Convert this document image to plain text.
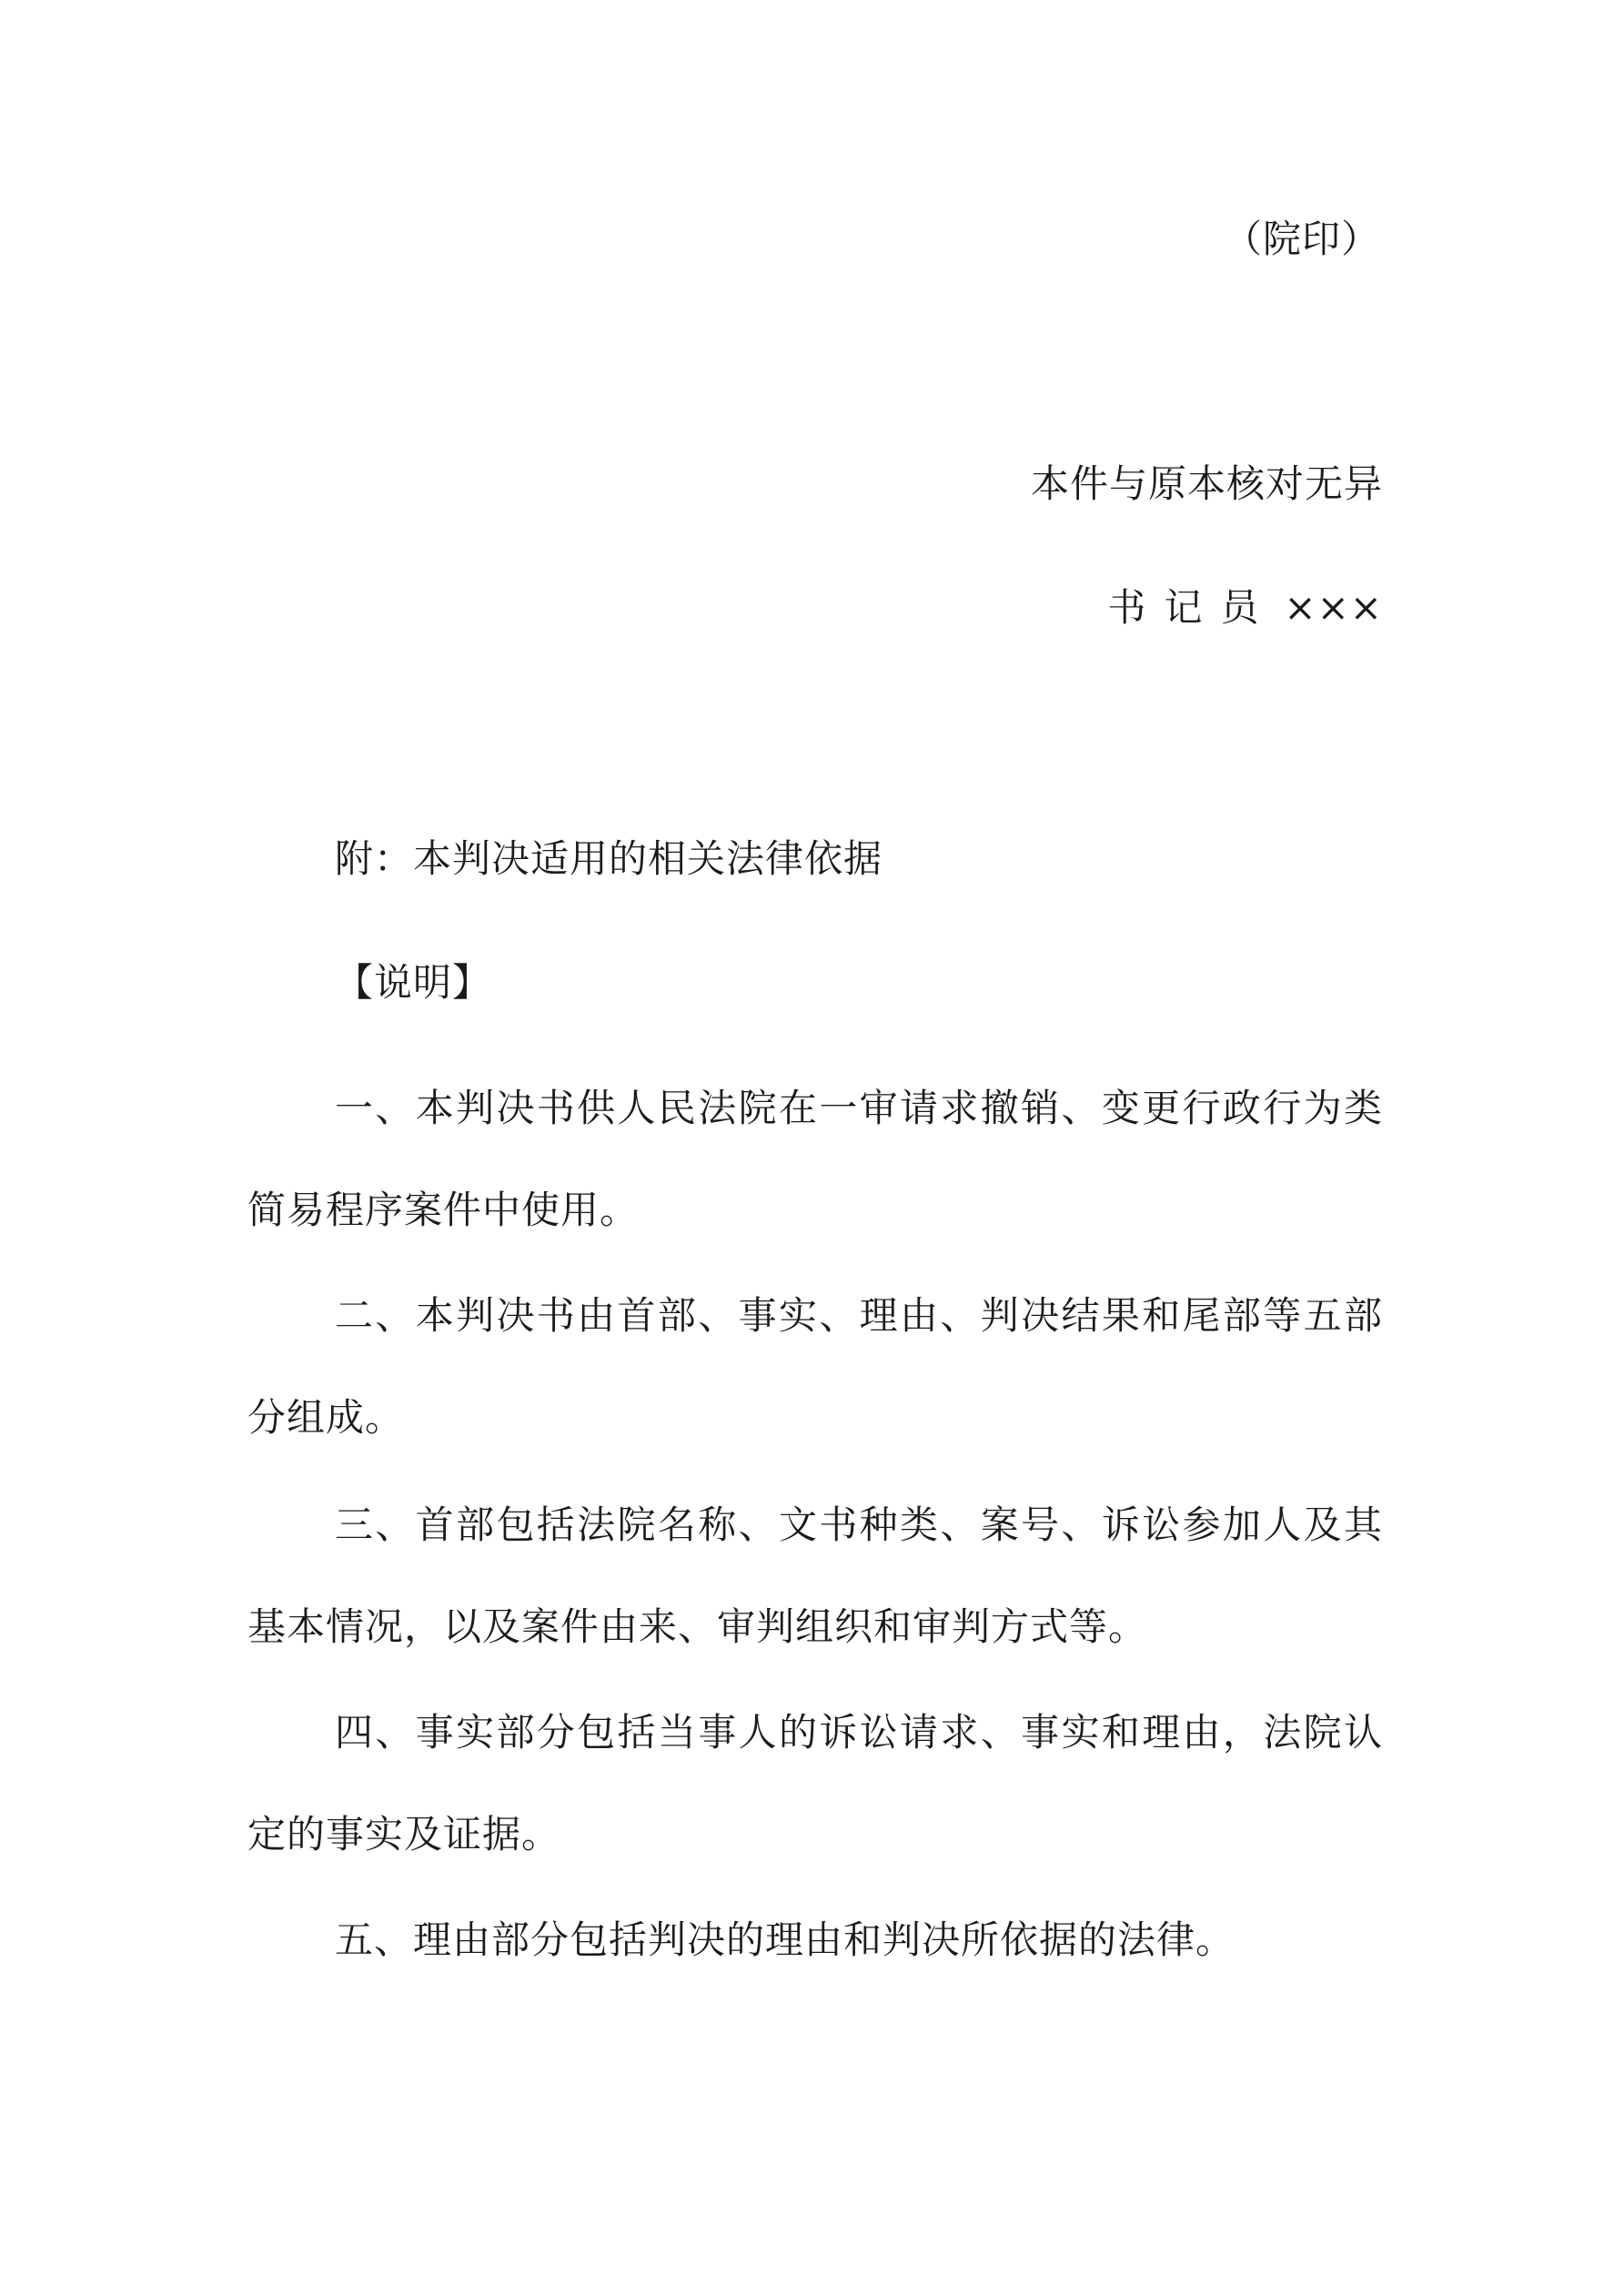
（院印）
本件与原本核对无异
书记员 ×××

附：本判决适用的相关法律依据

【说明】

一、本判决书供人民法院在一审请求撤销、变更行政行为类简易程序案件中使用。

二、本判决书由首部、事实、理由、判决结果和尾部等五部分组成。

三、首部包括法院名称、文书种类、案号、诉讼参加人及其基本情况，以及案件由来、审判组织和审判方式等。

四、事实部分包括当事人的诉讼请求、事实和理由，法院认定的事实及证据。

五、理由部分包括判决的理由和判决所依据的法律。
